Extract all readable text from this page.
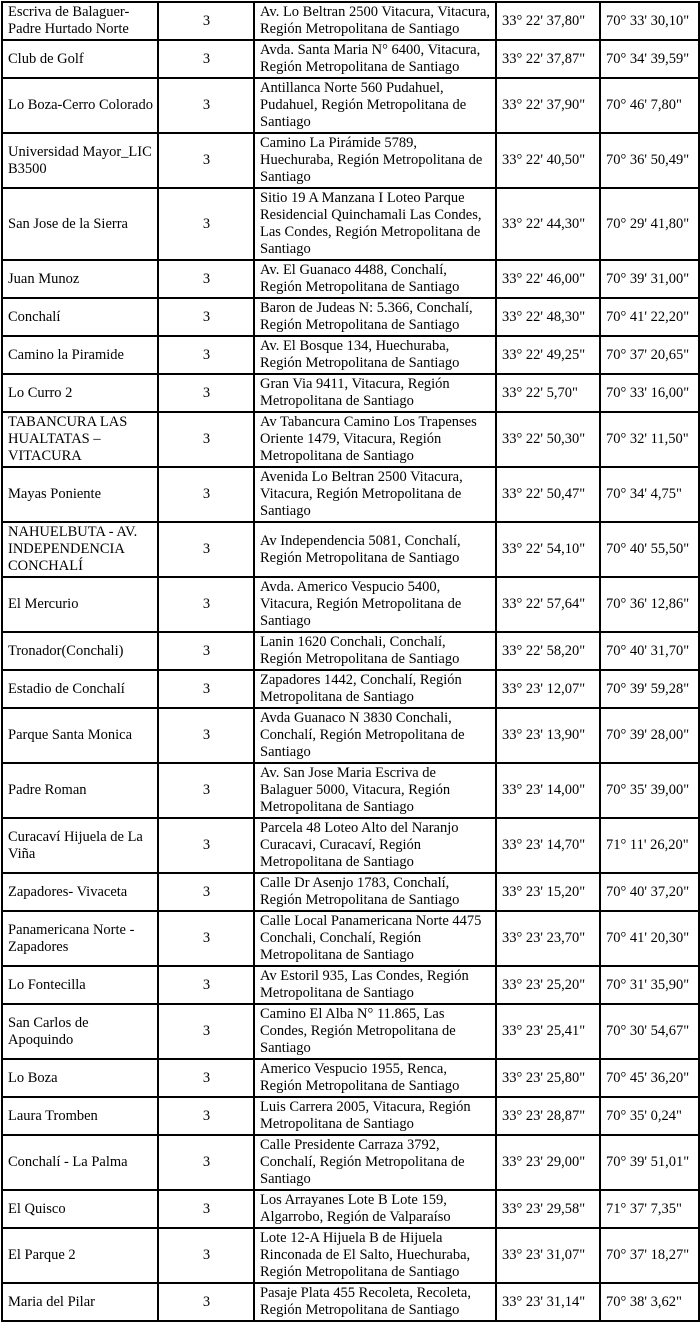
Escriva de Balaguer-Padre Hurtado Norte	3	Av. Lo Beltran 2500 Vitacura, Vitacura, Región Metropolitana de Santiago	33° 22' 37,80"	70° 33' 30,10"
Club de Golf	3	Avda. Santa Maria N° 6400, Vitacura, Región Metropolitana de Santiago	33° 22' 37,87"	70° 34' 39,59"
Lo Boza-Cerro Colorado	3	Antillanca Norte 560 Pudahuel, Pudahuel, Región Metropolitana de Santiago	33° 22' 37,90"	70° 46' 7,80"
Universidad Mayor_LIC B3500	3	Camino La Pirámide 5789, Huechuraba, Región Metropolitana de Santiago	33° 22' 40,50"	70° 36' 50,49"
San Jose de la Sierra	3	Sitio 19 A Manzana I Loteo Parque Residencial Quinchamali Las Condes, Las Condes, Región Metropolitana de Santiago	33° 22' 44,30"	70° 29' 41,80"
Juan Munoz	3	Av. El Guanaco 4488, Conchalí, Región Metropolitana de Santiago	33° 22' 46,00"	70° 39' 31,00"
Conchalí	3	Baron de Judeas N: 5.366, Conchalí, Región Metropolitana de Santiago	33° 22' 48,30"	70° 41' 22,20"
Camino la Piramide	3	Av. El Bosque 134, Huechuraba, Región Metropolitana de Santiago	33° 22' 49,25"	70° 37' 20,65"
Lo Curro 2	3	Gran Via 9411, Vitacura, Región Metropolitana de Santiago	33° 22' 5,70"	70° 33' 16,00"
TABANCURA LAS HUALTATAS – VITACURA	3	Av Tabancura Camino Los Trapenses Oriente 1479, Vitacura, Región Metropolitana de Santiago	33° 22' 50,30"	70° 32' 11,50"
Mayas Poniente	3	Avenida Lo Beltran 2500 Vitacura, Vitacura, Región Metropolitana de Santiago	33° 22' 50,47"	70° 34' 4,75"
NAHUELBUTA - AV. INDEPENDENCIA CONCHALÍ	3	Av Independencia 5081, Conchalí, Región Metropolitana de Santiago	33° 22' 54,10"	70° 40' 55,50"
El Mercurio	3	Avda. Americo Vespucio 5400, Vitacura, Región Metropolitana de Santiago	33° 22' 57,64"	70° 36' 12,86"
Tronador(Conchali)	3	Lanin 1620 Conchali, Conchalí, Región Metropolitana de Santiago	33° 22' 58,20"	70° 40' 31,70"
Estadio de Conchalí	3	Zapadores 1442, Conchalí, Región Metropolitana de Santiago	33° 23' 12,07"	70° 39' 59,28"
Parque Santa Monica	3	Avda Guanaco N 3830 Conchali, Conchalí, Región Metropolitana de Santiago	33° 23' 13,90"	70° 39' 28,00"
Padre Roman	3	Av. San Jose Maria Escriva de Balaguer 5000, Vitacura, Región Metropolitana de Santiago	33° 23' 14,00"	70° 35' 39,00"
Curacaví Hijuela de La Viña	3	Parcela 48 Loteo Alto del Naranjo Curacavi, Curacaví, Región Metropolitana de Santiago	33° 23' 14,70"	71° 11' 26,20"
Zapadores- Vivaceta	3	Calle Dr Asenjo 1783, Conchalí, Región Metropolitana de Santiago	33° 23' 15,20"	70° 40' 37,20"
Panamericana Norte - Zapadores	3	Calle Local Panamericana Norte 4475 Conchali, Conchalí, Región Metropolitana de Santiago	33° 23' 23,70"	70° 41' 20,30"
Lo Fontecilla	3	Av Estoril 935, Las Condes, Región Metropolitana de Santiago	33° 23' 25,20"	70° 31' 35,90"
San Carlos de Apoquindo	3	Camino El Alba N° 11.865, Las Condes, Región Metropolitana de Santiago	33° 23' 25,41"	70° 30' 54,67"
Lo Boza	3	Americo Vespucio 1955, Renca, Región Metropolitana de Santiago	33° 23' 25,80"	70° 45' 36,20"
Laura Tromben	3	Luis Carrera 2005, Vitacura, Región Metropolitana de Santiago	33° 23' 28,87"	70° 35' 0,24"
Conchalí - La Palma	3	Calle Presidente Carraza 3792, Conchalí, Región Metropolitana de Santiago	33° 23' 29,00"	70° 39' 51,01"
El Quisco	3	Los Arrayanes Lote B Lote 159, Algarrobo, Región de Valparaíso	33° 23' 29,58"	71° 37' 7,35"
El Parque 2	3	Lote 12-A Hijuela B de Hijuela Rinconada de El Salto, Huechuraba, Región Metropolitana de Santiago	33° 23' 31,07"	70° 37' 18,27"
Maria del Pilar	3	Pasaje Plata 455 Recoleta, Recoleta, Región Metropolitana de Santiago	33° 23' 31,14"	70° 38' 3,62"
